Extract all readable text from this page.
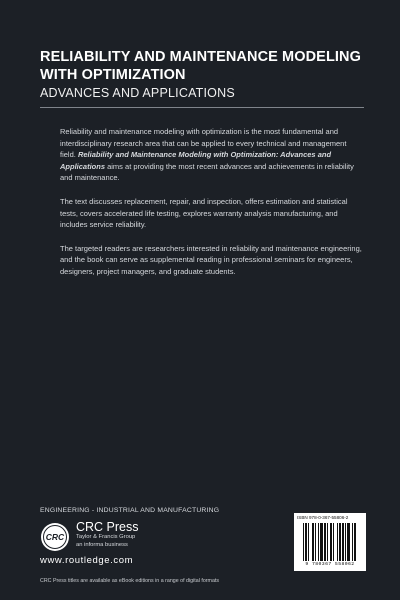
RELIABILITY AND MAINTENANCE MODELING WITH OPTIMIZATION
ADVANCES AND APPLICATIONS

Reliability and maintenance modeling with optimization is the most fundamental and interdisciplinary research area that can be applied to every technical and management field. Reliability and Maintenance Modeling with Optimization: Advances and Applications aims at providing the most recent advances and achievements in reliability and maintenance.

The text discusses replacement, repair, and inspection, offers estimation and statistical tests, covers accelerated life testing, explores warranty analysis manufacturing, and includes service reliability.

The targeted readers are researchers interested in reliability and maintenance engineering, and the book can serve as supplemental reading in professional seminars for engineers, designers, project managers, and graduate students.

ENGINEERING - INDUSTRIAL AND MANUFACTURING
CRC
CRC Press
Taylor & Francis Group
an informa business
www.routledge.com
CRC Press titles are available as eBook editions in a range of digital formats
ISBN 978-0-367-55806-2
9 780367 558062
